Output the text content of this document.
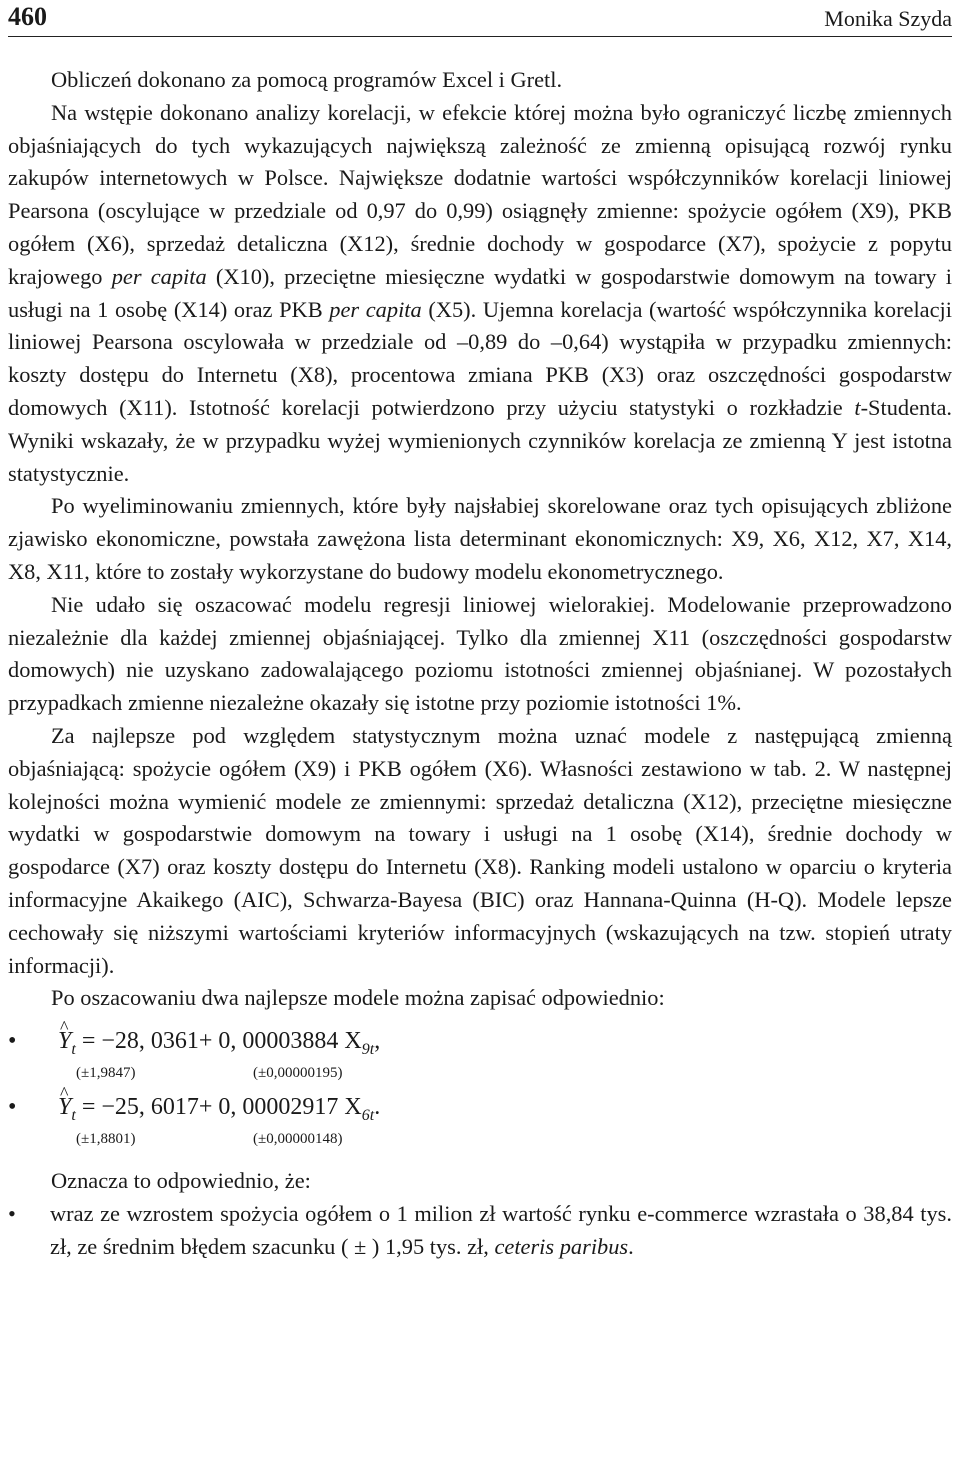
460	Monika Szyda

Obliczeń dokonano za pomocą programów Excel i Gretl.

Na wstępie dokonano analizy korelacji, w efekcie której można było ograniczyć liczbę zmiennych objaśniających do tych wykazujących największą zależność ze zmienną opisującą rozwój rynku zakupów internetowych w Polsce. Największe dodatnie wartości współczynników korelacji liniowej Pearsona (oscylujące w przedziale od 0,97 do 0,99) osiągnęły zmienne: spożycie ogółem (X9), PKB ogółem (X6), sprzedaż detaliczna (X12), średnie dochody w gospodarce (X7), spożycie z popytu krajowego per capita (X10), przeciętne miesięczne wydatki w gospodarstwie domowym na towary i usługi na 1 osobę (X14) oraz PKB per capita (X5). Ujemna korelacja (wartość współczynnika korelacji liniowej Pearsona oscylowała w przedziale od –0,89 do –0,64) wystąpiła w przypadku zmiennych: koszty dostępu do Internetu (X8), procentowa zmiana PKB (X3) oraz oszczędności gospodarstw domowych (X11). Istotność korelacji potwierdzono przy użyciu statystyki o rozkładzie t-Studenta. Wyniki wskazały, że w przypadku wyżej wymienionych czynników korelacja ze zmienną Y jest istotna statystycznie.

Po wyeliminowaniu zmiennych, które były najsłabiej skorelowane oraz tych opisujących zbliżone zjawisko ekonomiczne, powstała zawężona lista determinant ekonomicznych: X9, X6, X12, X7, X14, X8, X11, które to zostały wykorzystane do budowy modelu ekonometrycznego.

Nie udało się oszacować modelu regresji liniowej wielorakiej. Modelowanie przeprowadzono niezależnie dla każdej zmiennej objaśniającej. Tylko dla zmiennej X11 (oszczędności gospodarstw domowych) nie uzyskano zadowalającego poziomu istotności zmiennej objaśnianej. W pozostałych przypadkach zmienne niezależne okazały się istotne przy poziomie istotności 1%.

Za najlepsze pod względem statystycznym można uznać modele z następującą zmienną objaśniającą: spożycie ogółem (X9) i PKB ogółem (X6). Własności zestawiono w tab. 2. W następnej kolejności można wymienić modele ze zmiennymi: sprzedaż detaliczna (X12), przeciętne miesięczne wydatki w gospodarstwie domowym na towary i usługi na 1 osobę (X14), średnie dochody w gospodarce (X7) oraz koszty dostępu do Internetu (X8). Ranking modeli ustalono w oparciu o kryteria informacyjne Akaikego (AIC), Schwarza-Bayesa (BIC) oraz Hannana-Quinna (H-Q). Modele lepsze cechowały się niższymi wartościami kryteriów informacyjnych (wskazujących na tzw. stopień utraty informacji).

Po oszacowaniu dwa najlepsze modele można zapisać odpowiednio:

• ^ $Y_t = -28$, 0361+ 0, 00003884 $X_{9t}$,
(±1,9847)	(±0,00000195)
• ^ $Y_t = -25$, 6017+ 0, 00002917 $X_{6t}$.
(±1,8801)	(±0,00000148)

Oznacza to odpowiednio, że:

• wraz ze wzrostem spożycia ogółem o 1 milion zł wartość rynku e-commerce wzrastała o 38,84 tys. zł, ze średnim błędem szacunku ( ± ) 1,95 tys. zł, ceteris paribus.
